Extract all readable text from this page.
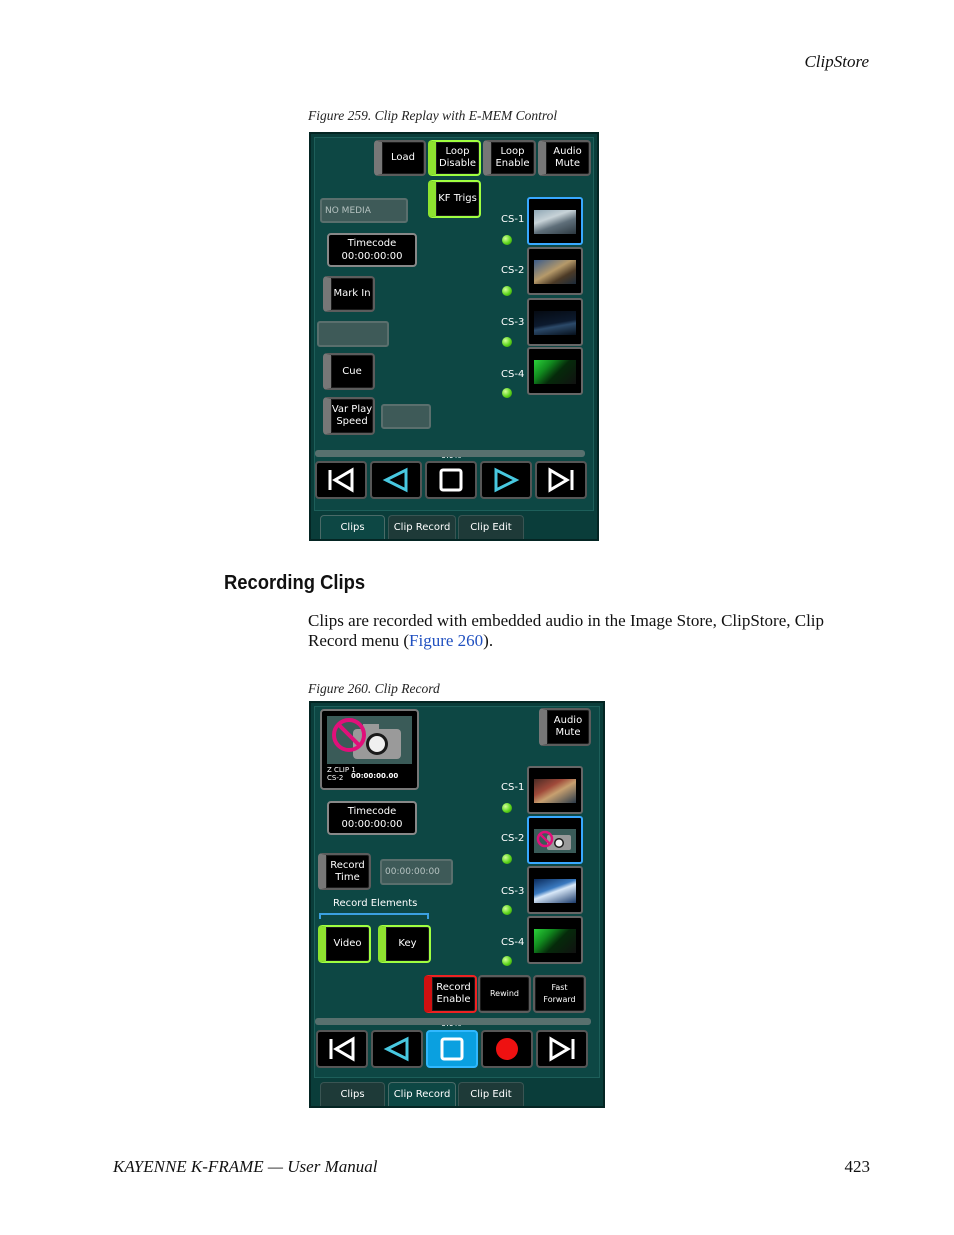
ClipStore
Figure 259. Clip Replay with E-MEM Control
Load
Loop
Disable
Loop
Enable
Audio
Mute
KF Trigs
NO MEDIA
Timecode
00:00:00:00
Mark In
Cue
Var Play
Speed
CS-1
CS-2
CS-3
CS-4
Clips	Clip Record	Clip Edit
Recording Clips

Clips are recorded with embedded audio in the Image Store, ClipStore, Clip Record menu (Figure 260).

Figure 260. Clip Record
Z CLIP 1
CS-2 00:00:00.00
Audio
Mute
Timecode
00:00:00:00
Record
Time	00:00:00:00
Record Elements
Video	Key
CS-1
CS-2
CS-3
CS-4
Record
Enable
Rewind
Fast
Forward
Clips	Clip Record	Clip Edit
KAYENNE K-FRAME — User Manual	423
